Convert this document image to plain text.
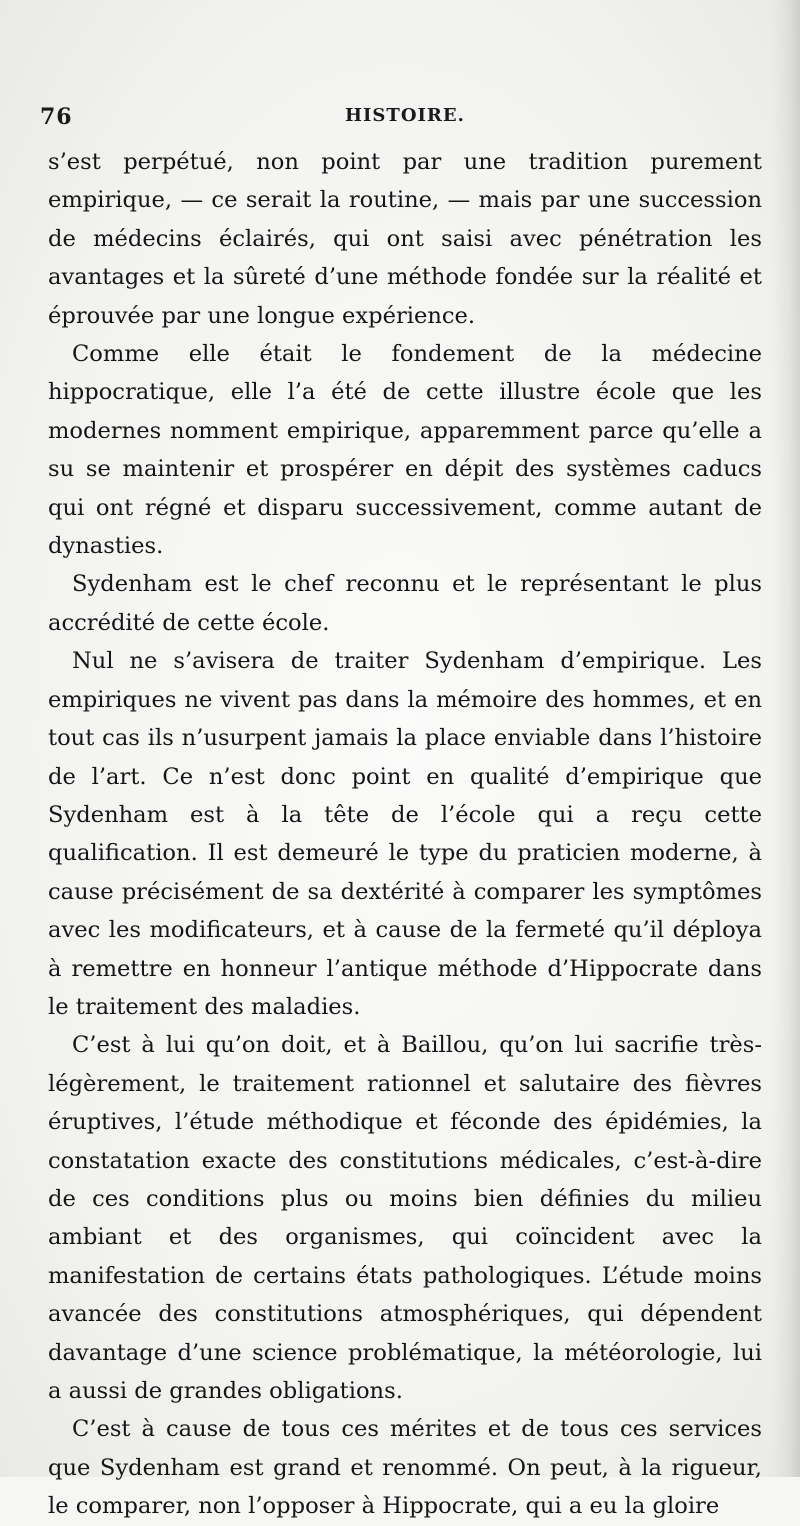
76	HISTOIRE.

s’est perpétué, non point par une tradition purement empirique, — ce serait la routine, — mais par une succession de médecins éclairés, qui ont saisi avec pénétration les avantages et la sûreté d’une méthode fondée sur la réalité et éprouvée par une longue expérience.

Comme elle était le fondement de la médecine hippocratique, elle l’a été de cette illustre école que les modernes nomment empirique, apparemment parce qu’elle a su se maintenir et prospérer en dépit des systèmes caducs qui ont régné et disparu successivement, comme autant de dynasties.

Sydenham est le chef reconnu et le représentant le plus accrédité de cette école.

Nul ne s’avisera de traiter Sydenham d’empirique. Les empiriques ne vivent pas dans la mémoire des hommes, et en tout cas ils n’usurpent jamais la place enviable dans l’histoire de l’art. Ce n’est donc point en qualité d’empirique que Sydenham est à la tête de l’école qui a reçu cette qualification. Il est demeuré le type du praticien moderne, à cause précisément de sa dextérité à comparer les symptômes avec les modificateurs, et à cause de la fermeté qu’il déploya à remettre en honneur l’antique méthode d’Hippocrate dans le traitement des maladies.

C’est à lui qu’on doit, et à Baillou, qu’on lui sacrifie très-légèrement, le traitement rationnel et salutaire des fièvres éruptives, l’étude méthodique et féconde des épidémies, la constatation exacte des constitutions médicales, c’est-à-dire de ces conditions plus ou moins bien définies du milieu ambiant et des organismes, qui coïncident avec la manifestation de certains états pathologiques. L’étude moins avancée des constitutions atmosphériques, qui dépendent davantage d’une science problématique, la météorologie, lui a aussi de grandes obligations.

C’est à cause de tous ces mérites et de tous ces services que Sydenham est grand et renommé. On peut, à la rigueur, le comparer, non l’opposer à Hippocrate, qui a eu la gloire
